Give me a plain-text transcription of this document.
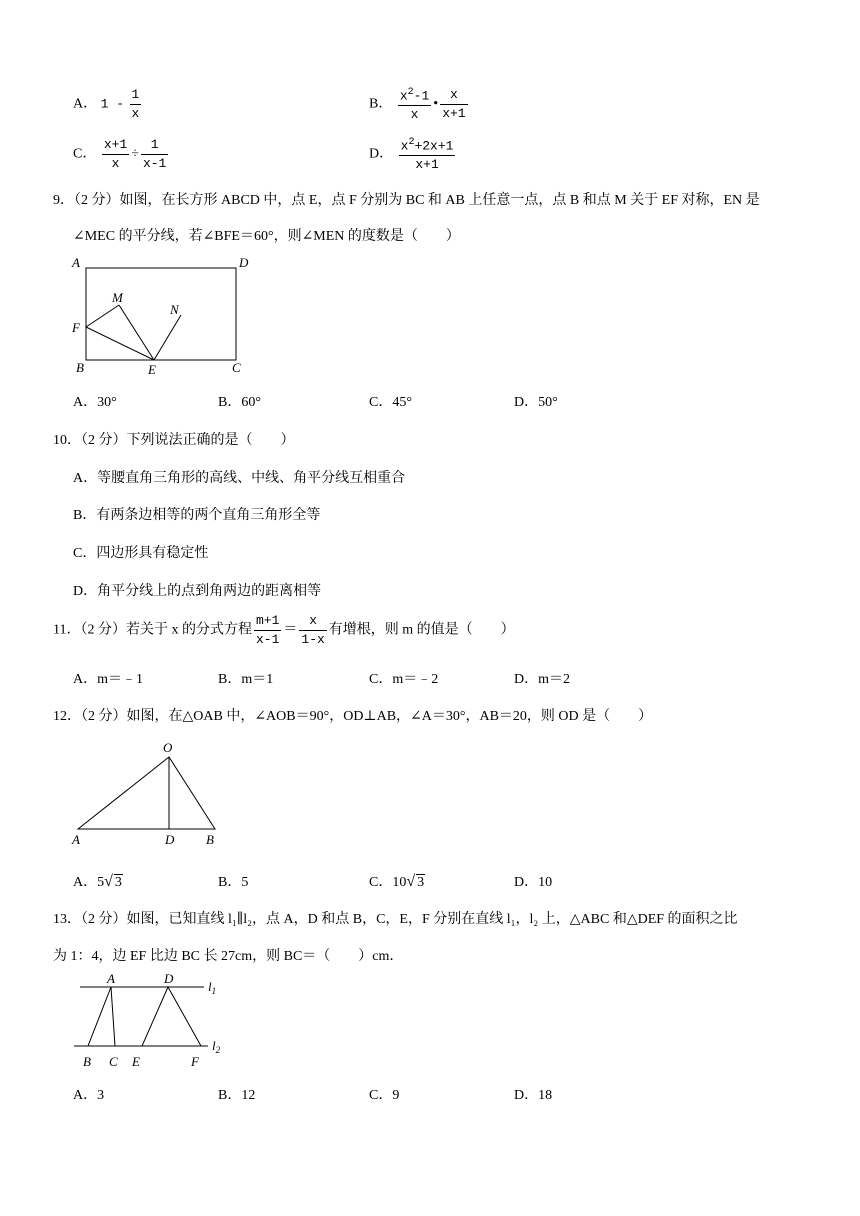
A． $1 - \frac{1}{x}$	B． $\frac{x^2-1}{x}$ • $\frac{x}{x+1}$
C． $\frac{x+1}{x} \div \frac{1}{x-1}$	D． $\frac{x^2+2x+1}{x+1}$
9．（2 分）如图，在长方形 ABCD 中，点 E，点 F 分别为 BC 和 AB 上任意一点，点 B 和点 M 关于 EF 对称，EN 是
∠MEC 的平分线，若∠BFE＝60°，则∠MEN 的度数是（　　）
A	D
M
N
F
B	E	C
A．30°	B．60°	C．45°	D．50°
10．（2 分）下列说法正确的是（　　）
A．等腰直角三角形的高线、中线、角平分线互相重合
B．有两条边相等的两个直角三角形全等
C．四边形具有稳定性
D．角平分线上的点到角两边的距离相等
11．（2 分）若关于 x 的分式方程 $\frac{m+1}{x-1} = \frac{x}{1-x}$ 有增根，则 m 的值是（　　）
A．m＝﹣1	B．m＝1	C．m＝﹣2	D．m＝2
12．（2 分）如图，在△OAB 中，∠AOB＝90°，OD⊥AB，∠A＝30°，AB＝20，则 OD 是（　　）
O
A	D B
A．5√ 3	B．5	C．10√ 3	D．10
13．（2 分）如图，已知直线 l₁∥l₂，点 A，D 和点 B，C，E，F 分别在直线 l₁，l₂ 上，△ABC 和△DEF 的面积之比
为 1：4，边 EF 比边 BC 长 27cm，则 BC＝（　　）cm．
A	D
$l_1$
B C E	F
$l_2$
A．3	B．12	C．9	D．18
